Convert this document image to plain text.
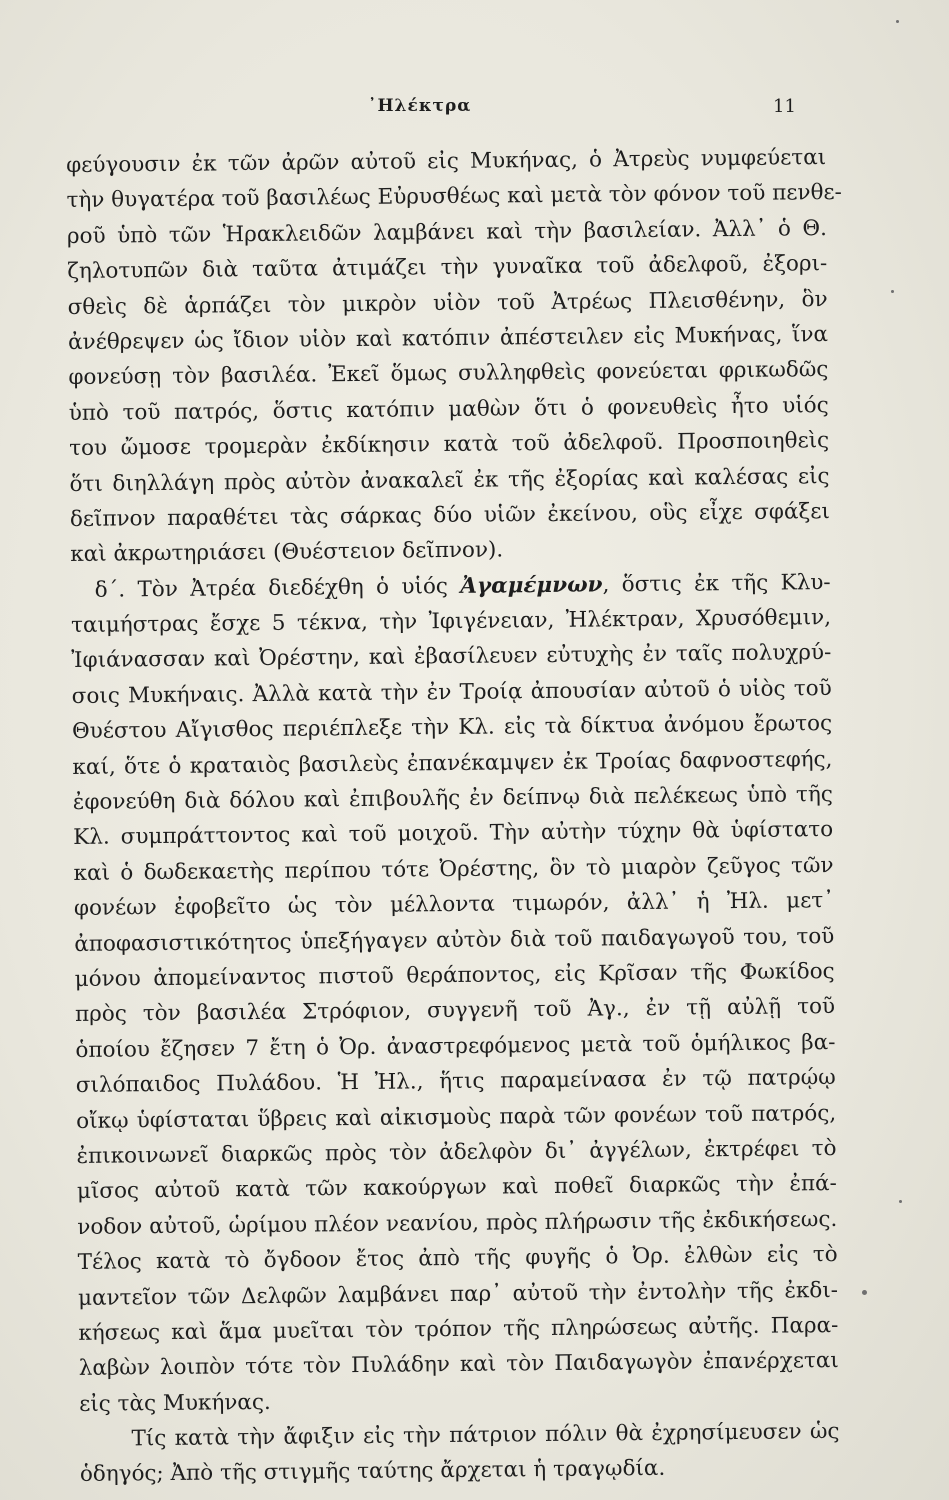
᾿Ηλέκτρα	11
φεύγουσιν ἐκ τῶν ἀρῶν αὐτοῦ εἰς Μυκήνας, ὁ Ἀτρεὺς νυμφεύεται
τὴν θυγατέρα τοῦ βασιλέως Εὐρυσθέως καὶ μετὰ τὸν φόνον τοῦ πενθε-
ροῦ ὑπὸ τῶν Ἡρακλειδῶν λαμβάνει καὶ τὴν βασιλείαν. Ἀλλ᾿ ὁ Θ.
ζηλοτυπῶν διὰ ταῦτα ἀτιμάζει τὴν γυναῖκα τοῦ ἀδελφοῦ, ἐξορι-
σθεὶς δὲ ἁρπάζει τὸν μικρὸν υἱὸν τοῦ Ἀτρέως Πλεισθένην, ὃν
ἀνέθρεψεν ὡς ἴδιον υἱὸν καὶ κατόπιν ἀπέστειλεν εἰς Μυκήνας, ἵνα
φονεύσῃ τὸν βασιλέα. Ἐκεῖ ὅμως συλληφθεὶς φονεύεται φρικωδῶς
ὑπὸ τοῦ πατρός, ὅστις κατόπιν μαθὼν ὅτι ὁ φονευθεὶς ἦτο υἱός
του ὤμοσε τρομερὰν ἐκδίκησιν κατὰ τοῦ ἀδελφοῦ. Προσποιηθεὶς
ὅτι διηλλάγη πρὸς αὐτὸν ἀνακαλεῖ ἐκ τῆς ἐξορίας καὶ καλέσας εἰς
δεῖπνον παραθέτει τὰς σάρκας δύο υἱῶν ἐκείνου, οὓς εἶχε σφάξει
καὶ ἀκρωτηριάσει (Θυέστειον δεῖπνον).
δ΄. Τὸν Ἀτρέα διεδέχθη ὁ υἱός Ἀγαμέμνων, ὅστις ἐκ τῆς Κλυ-
ταιμήστρας ἔσχε 5 τέκνα, τὴν Ἰφιγένειαν, Ἠλέκτραν, Χρυσόθεμιν,
Ἰφιάνασσαν καὶ Ὀρέστην, καὶ ἐβασίλευεν εὐτυχὴς ἐν ταῖς πολυχρύ-
σοις Μυκήναις. Ἀλλὰ κατὰ τὴν ἐν Τροίᾳ ἀπουσίαν αὐτοῦ ὁ υἱὸς τοῦ
Θυέστου Αἴγισθος περιέπλεξε τὴν Κλ. εἰς τὰ δίκτυα ἀνόμου ἔρωτος
καί, ὅτε ὁ κραταιὸς βασιλεὺς ἐπανέκαμψεν ἐκ Τροίας δαφνοστεφής,
ἐφονεύθη διὰ δόλου καὶ ἐπιβουλῆς ἐν δείπνῳ διὰ πελέκεως ὑπὸ τῆς
Κλ. συμπράττοντος καὶ τοῦ μοιχοῦ. Τὴν αὐτὴν τύχην θὰ ὑφίστατο
καὶ ὁ δωδεκαετὴς περίπου τότε Ὀρέστης, ὃν τὸ μιαρὸν ζεῦγος τῶν
φονέων ἐφοβεῖτο ὡς τὸν μέλλοντα τιμωρόν, ἀλλ᾿ ἡ Ἠλ. μετ᾿
ἀποφασιστικότητος ὑπεξήγαγεν αὐτὸν διὰ τοῦ παιδαγωγοῦ του, τοῦ
μόνου ἀπομείναντος πιστοῦ θεράποντος, εἰς Κρῖσαν τῆς Φωκίδος
πρὸς τὸν βασιλέα Στρόφιον, συγγενῆ τοῦ Ἀγ., ἐν τῇ αὐλῇ τοῦ
ὁποίου ἔζησεν 7 ἔτη ὁ Ὀρ. ἀναστρεφόμενος μετὰ τοῦ ὁμήλικος βα-
σιλόπαιδος Πυλάδου. Ἡ Ἠλ., ἥτις παραμείνασα ἐν τῷ πατρῴῳ
οἴκῳ ὑφίσταται ὕβρεις καὶ αἰκισμοὺς παρὰ τῶν φονέων τοῦ πατρός,
ἐπικοινωνεῖ διαρκῶς πρὸς τὸν ἀδελφὸν δι᾿ ἀγγέλων, ἐκτρέφει τὸ
μῖσος αὐτοῦ κατὰ τῶν κακούργων καὶ ποθεῖ διαρκῶς τὴν ἐπά-
νοδον αὐτοῦ, ὡρίμου πλέον νεανίου, πρὸς πλήρωσιν τῆς ἐκδικήσεως.
Τέλος κατὰ τὸ ὄγδοον ἔτος ἀπὸ τῆς φυγῆς ὁ Ὀρ. ἐλθὼν εἰς τὸ
μαντεῖον τῶν Δελφῶν λαμβάνει παρ᾿ αὐτοῦ τὴν ἐντολὴν τῆς ἐκδι-
κήσεως καὶ ἅμα μυεῖται τὸν τρόπον τῆς πληρώσεως αὐτῆς. Παρα-
λαβὼν λοιπὸν τότε τὸν Πυλάδην καὶ τὸν Παιδαγωγὸν ἐπανέρχεται
εἰς τὰς Μυκήνας.
Τίς κατὰ τὴν ἄφιξιν εἰς τὴν πάτριον πόλιν θὰ ἐχρησίμευσεν ὡς
ὁδηγός; Ἀπὸ τῆς στιγμῆς ταύτης ἄρχεται ἡ τραγῳδία.
